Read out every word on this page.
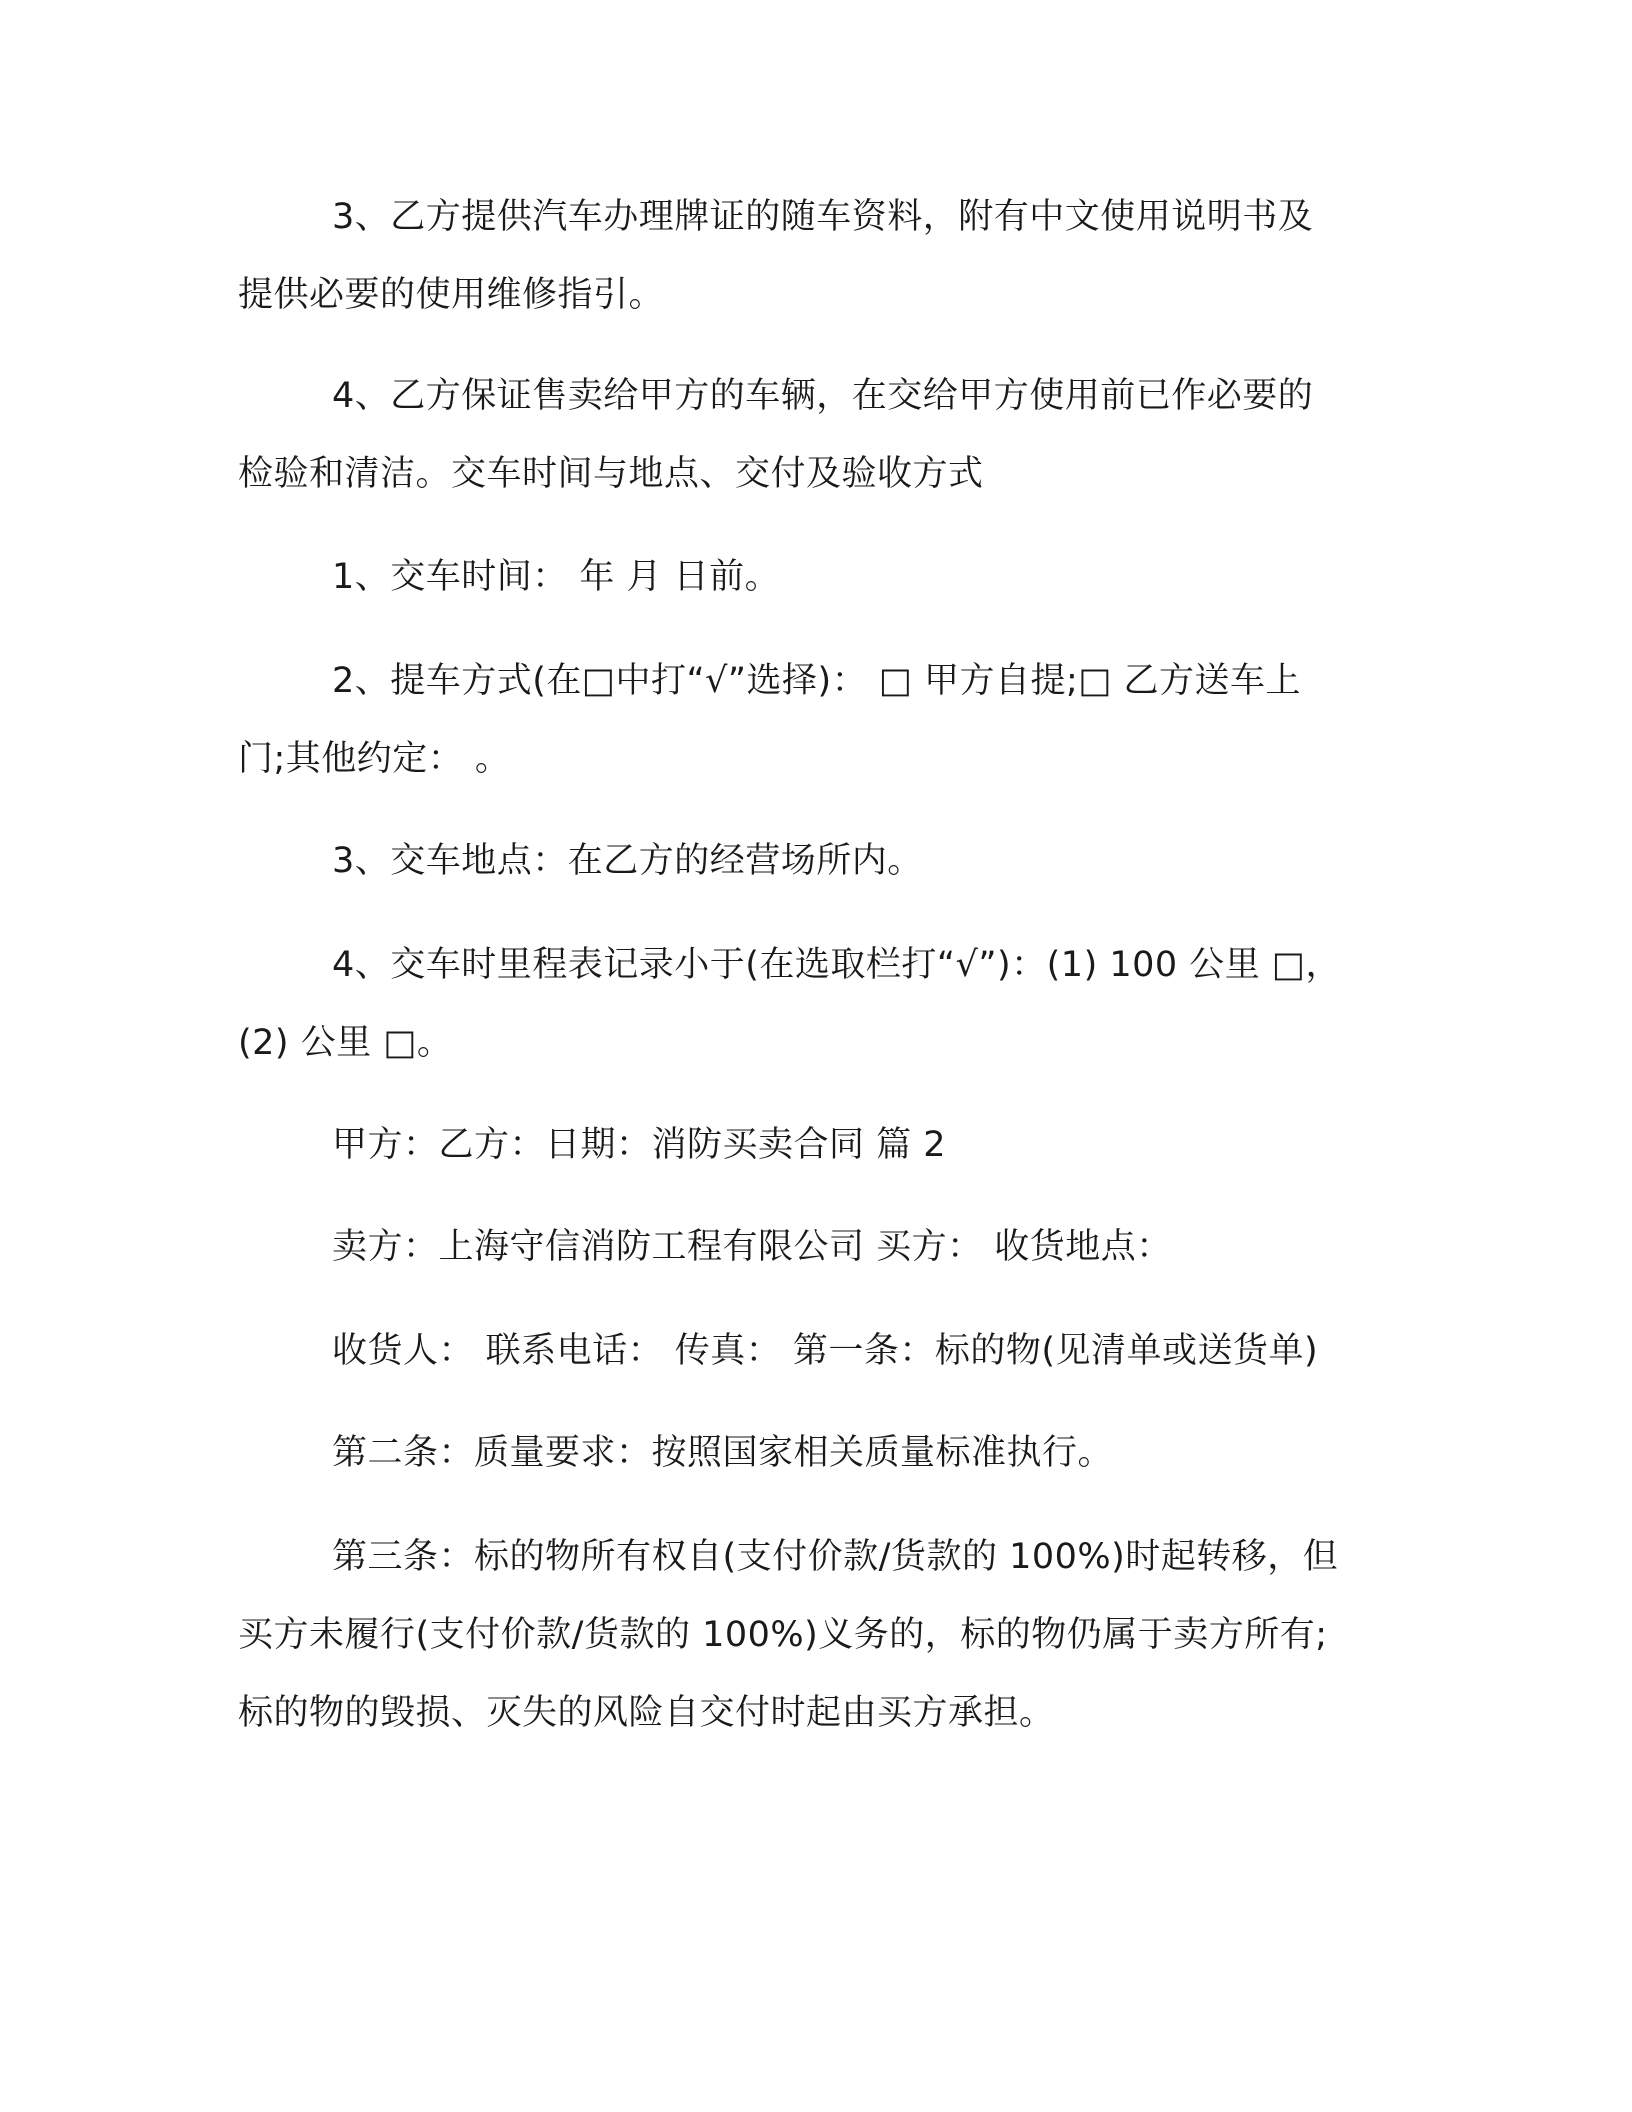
3、乙方提供汽车办理牌证的随车资料，附有中文使用说明书及
提供必要的使用维修指引。

4、乙方保证售卖给甲方的车辆，在交给甲方使用前已作必要的
检验和清洁。交车时间与地点、交付及验收方式

1、交车时间： 年 月 日前。

2、提车方式(在□中打“√”选择)： □ 甲方自提;□ 乙方送车上
门;其他约定： 。

3、交车地点：在乙方的经营场所内。

4、交车时里程表记录小于(在选取栏打“√”)：(1) 100 公里 □，
(2) 公里 □。

甲方：乙方：日期：消防买卖合同 篇 2

卖方：上海守信消防工程有限公司 买方： 收货地点：

收货人： 联系电话： 传真： 第一条：标的物(见清单或送货单)

第二条：质量要求：按照国家相关质量标准执行。

第三条：标的物所有权自(支付价款/货款的 100%)时起转移，但
买方未履行(支付价款/货款的 100%)义务的，标的物仍属于卖方所有;
标的物的毁损、灭失的风险自交付时起由买方承担。
